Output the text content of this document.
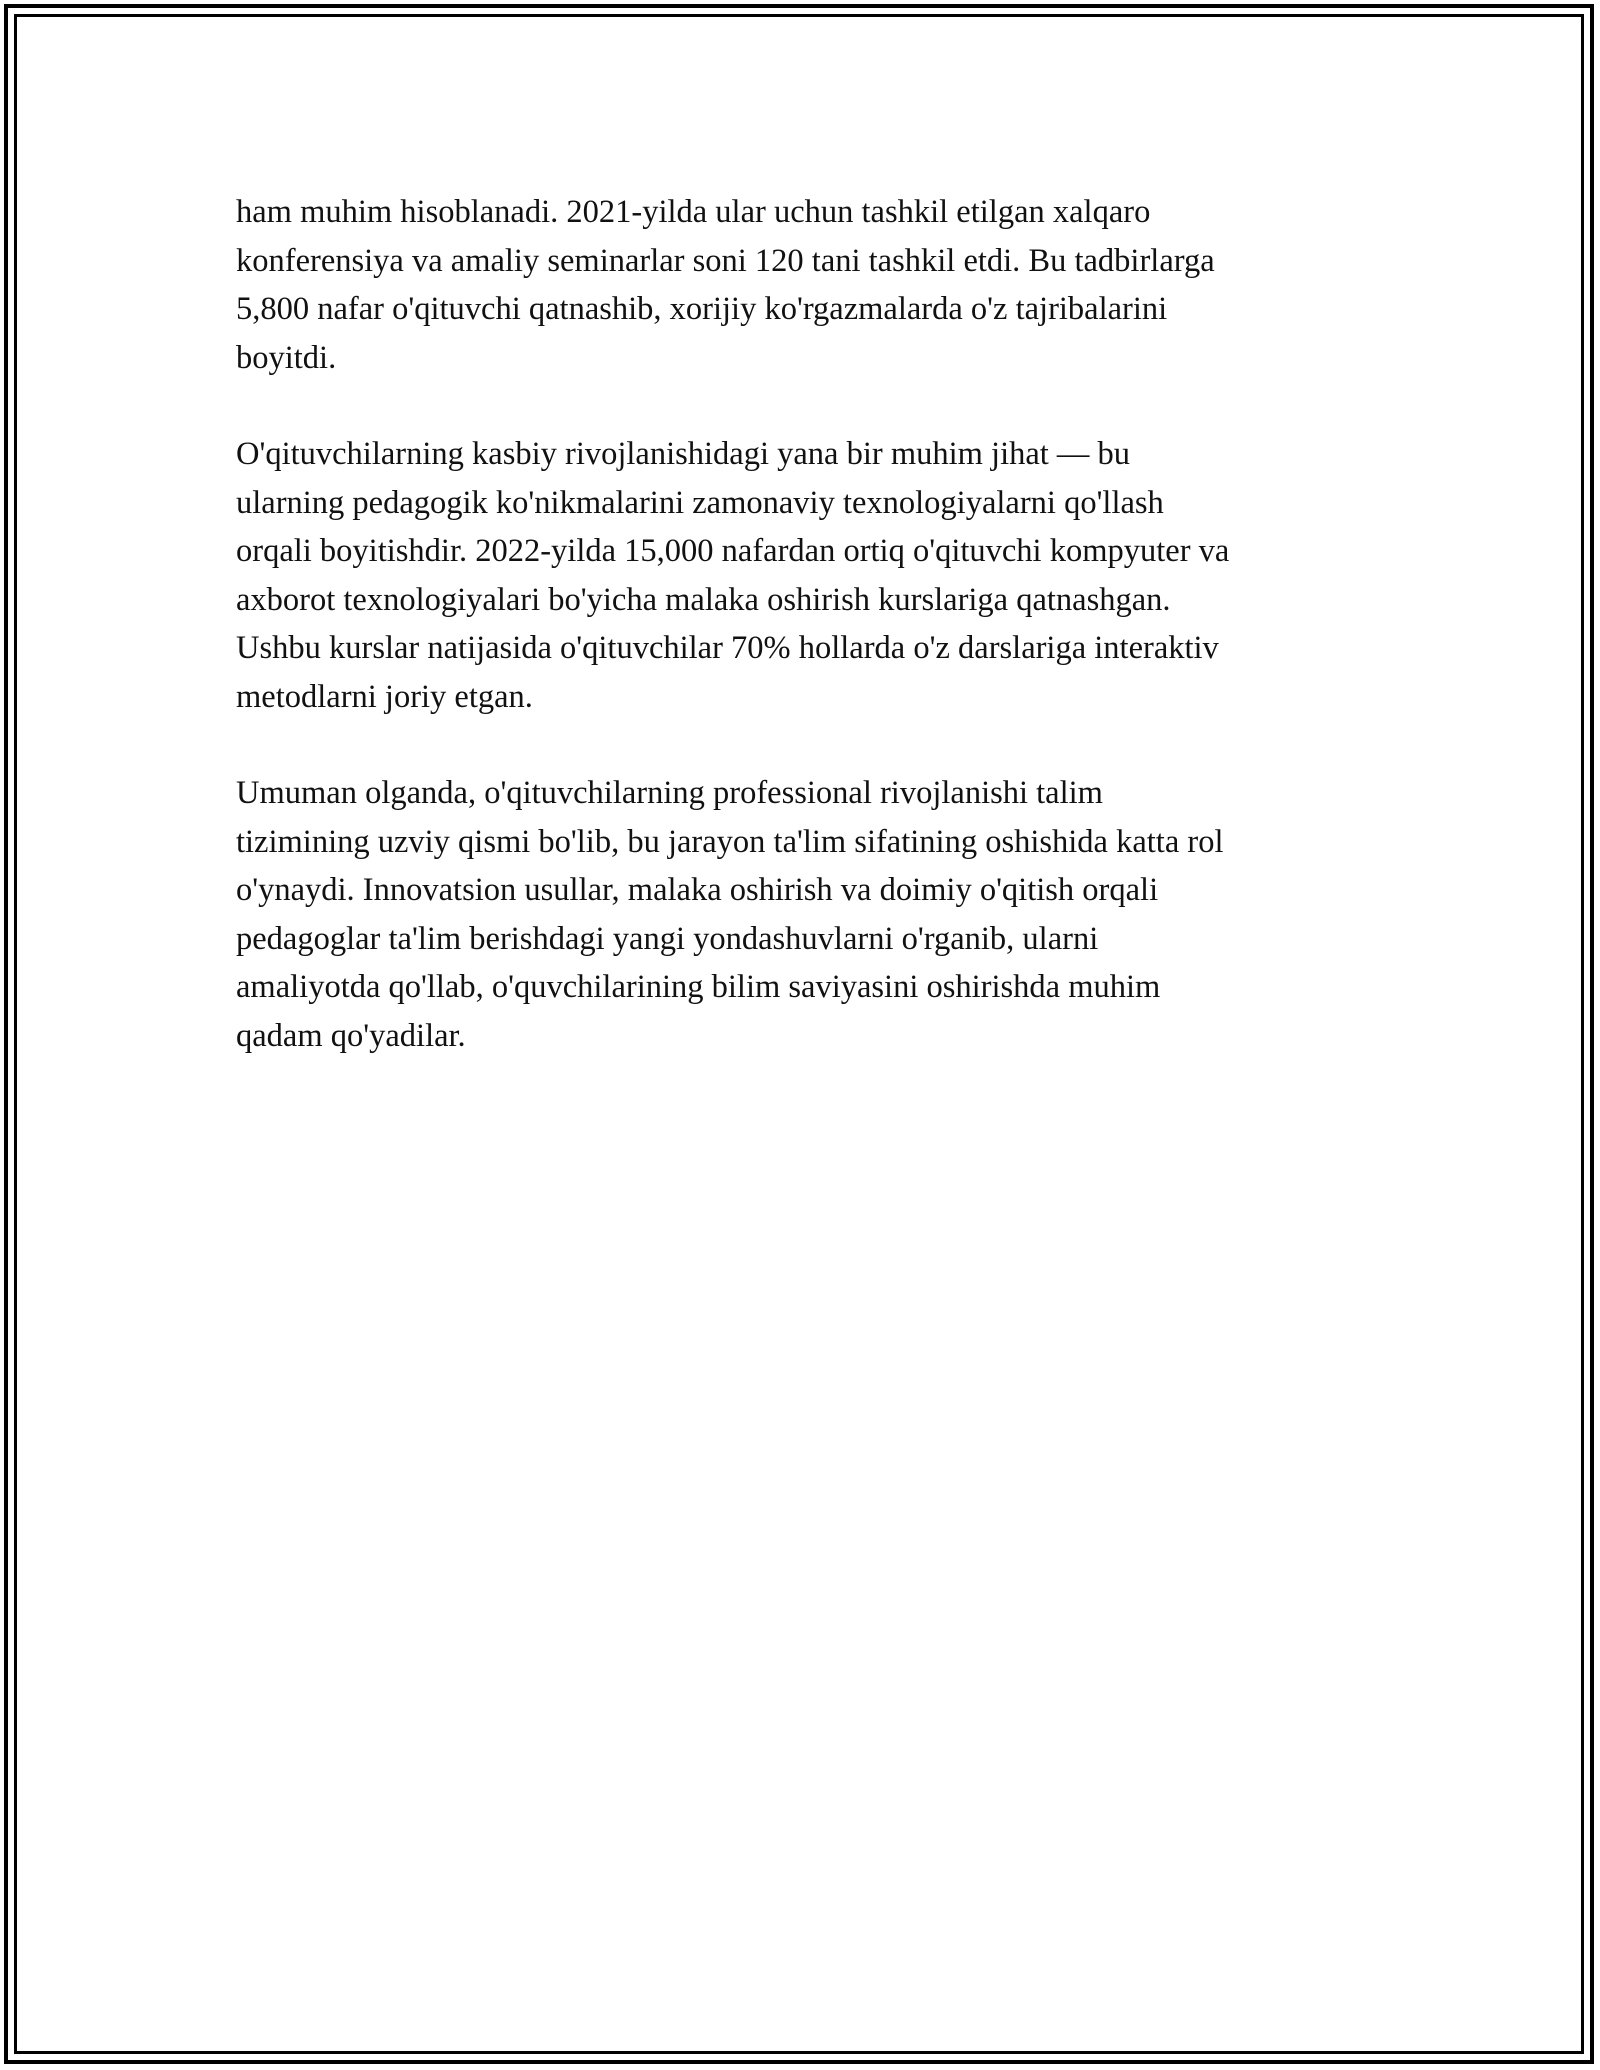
ham muhim hisoblanadi. 2021-yilda ular uchun tashkil etilgan xalqaro
konferensiya va amaliy seminarlar soni 120 tani tashkil etdi. Bu tadbirlarga
5,800 nafar o'qituvchi qatnashib, xorijiy ko'rgazmalarda o'z tajribalarini
boyitdi.

O'qituvchilarning kasbiy rivojlanishidagi yana bir muhim jihat — bu
ularning pedagogik ko'nikmalarini zamonaviy texnologiyalarni qo'llash
orqali boyitishdir. 2022-yilda 15,000 nafardan ortiq o'qituvchi kompyuter va
axborot texnologiyalari bo'yicha malaka oshirish kurslariga qatnashgan.
Ushbu kurslar natijasida o'qituvchilar 70% hollarda o'z darslariga interaktiv
metodlarni joriy etgan.

Umuman olganda, o'qituvchilarning professional rivojlanishi talim
tizimining uzviy qismi bo'lib, bu jarayon ta'lim sifatining oshishida katta rol
o'ynaydi. Innovatsion usullar, malaka oshirish va doimiy o'qitish orqali
pedagoglar ta'lim berishdagi yangi yondashuvlarni o'rganib, ularni
amaliyotda qo'llab, o'quvchilarining bilim saviyasini oshirishda muhim
qadam qo'yadilar.
